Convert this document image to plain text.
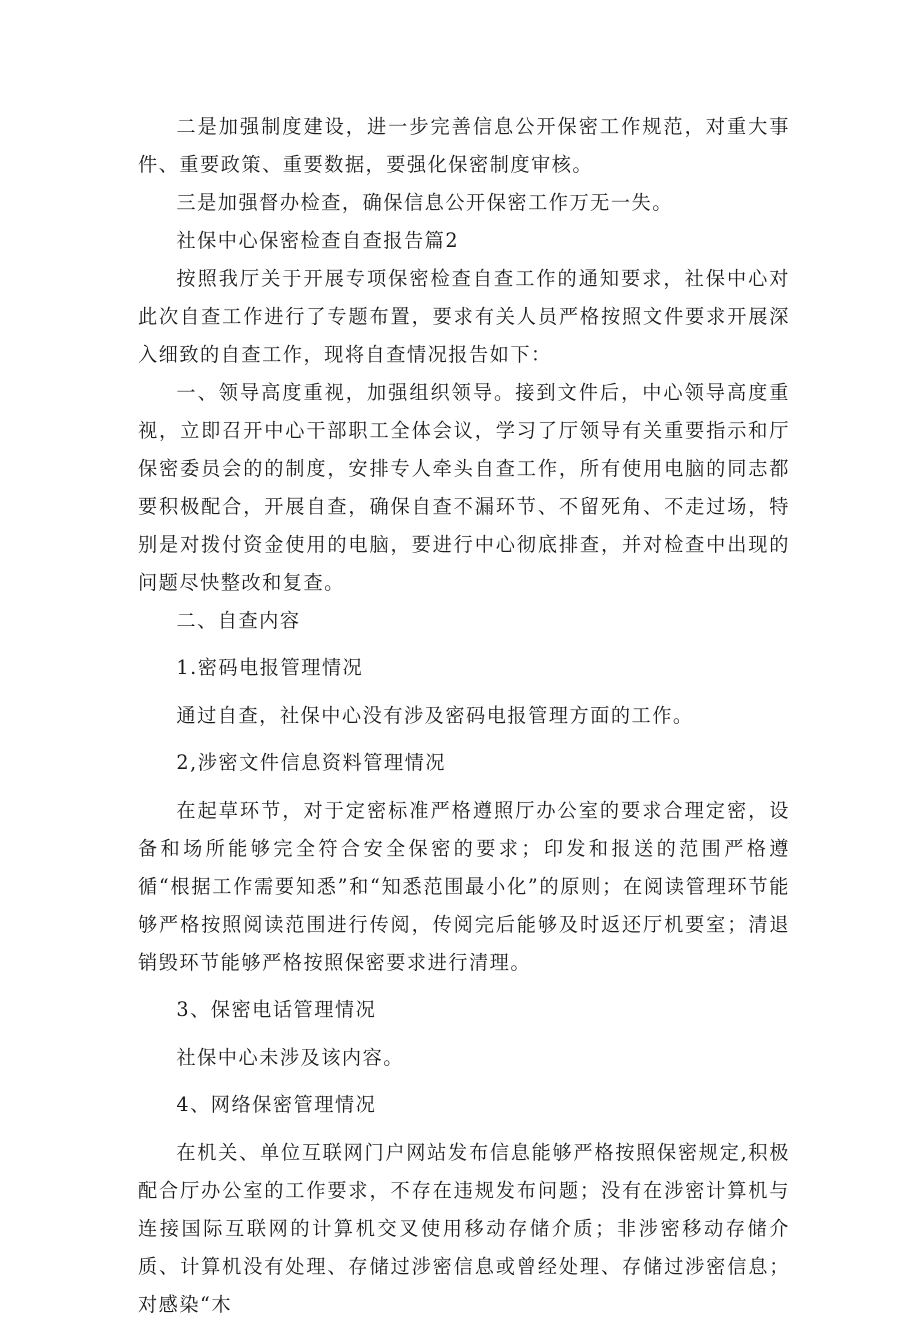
二是加强制度建设，进一步完善信息公开保密工作规范，对重大事件、重要政策、重要数据，要强化保密制度审核。

三是加强督办检查，确保信息公开保密工作万无一失。

社保中心保密检查自查报告篇2

按照我厅关于开展专项保密检查自查工作的通知要求，社保中心对此次自查工作进行了专题布置，要求有关人员严格按照文件要求开展深入细致的自查工作，现将自查情况报告如下：

一、领导高度重视，加强组织领导。接到文件后，中心领导高度重视，立即召开中心干部职工全体会议，学习了厅领导有关重要指示和厅保密委员会的的制度，安排专人牵头自查工作，所有使用电脑的同志都要积极配合，开展自查，确保自查不漏环节、不留死角、不走过场，特别是对拨付资金使用的电脑，要进行中心彻底排查，并对检查中出现的问题尽快整改和复查。

二、自查内容

1.密码电报管理情况

通过自查，社保中心没有涉及密码电报管理方面的工作。

2,涉密文件信息资料管理情况

在起草环节，对于定密标准严格遵照厅办公室的要求合理定密，设备和场所能够完全符合安全保密的要求；印发和报送的范围严格遵循“根据工作需要知悉”和“知悉范围最小化”的原则；在阅读管理环节能够严格按照阅读范围进行传阅，传阅完后能够及时返还厅机要室；清退销毁环节能够严格按照保密要求进行清理。

3、保密电话管理情况

社保中心未涉及该内容。

4、网络保密管理情况

在机关、单位互联网门户网站发布信息能够严格按照保密规定,积极配合厅办公室的工作要求，不存在违规发布问题；没有在涉密计算机与连接国际互联网的计算机交叉使用移动存储介质；非涉密移动存储介质、计算机没有处理、存储过涉密信息或曾经处理、存储过涉密信息；对感染“木
